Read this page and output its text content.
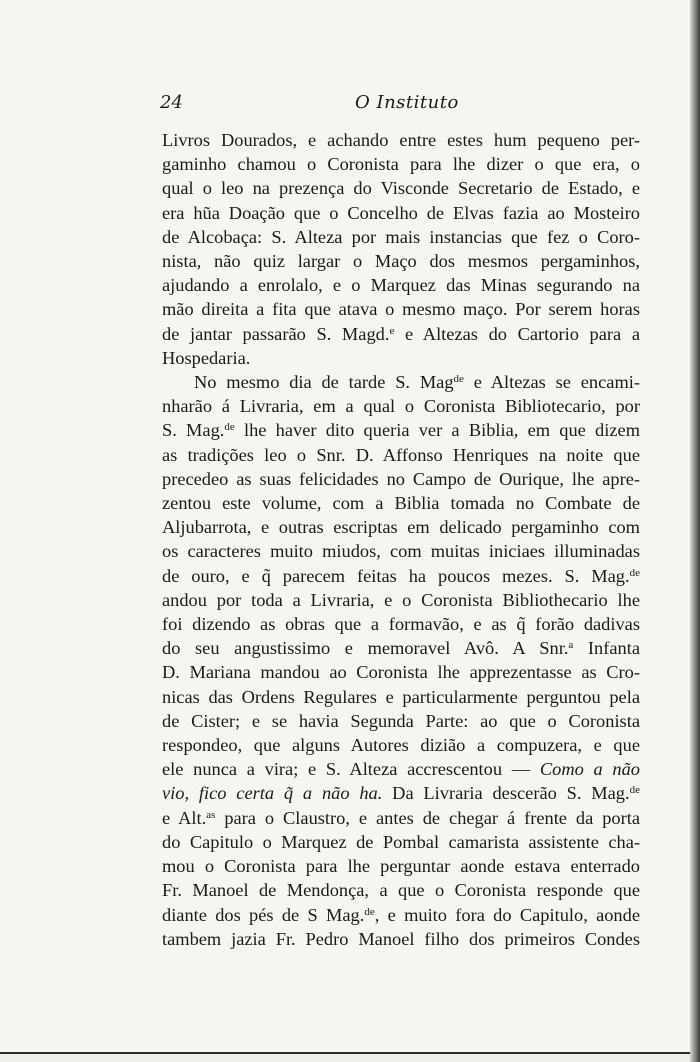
24	O Instituto

Livros Dourados, e achando entre estes hum pequeno per-
gaminho chamou o Coronista para lhe dizer o que era, o
qual o leo na prezença do Visconde Secretario de Estado, e
era hũa Doação que o Concelho de Elvas fazia ao Mosteiro
de Alcobaça: S. Alteza por mais instancias que fez o Coro-
nista, não quiz largar o Maço dos mesmos pergaminhos,
ajudando a enrolalo, e o Marquez das Minas segurando na
mão direita a fita que atava o mesmo maço. Por serem horas
de jantar passarão S. Magd.$^e$ e Altezas do Cartorio para a
Hospedaria.

No mesmo dia de tarde S. Mag$^{de}$ e Altezas se encami-
nharão á Livraria, em a qual o Coronista Bibliotecario, por
S. Mag.$^{de}$ lhe haver dito queria ver a Biblia, em que dizem
as tradições leo o Snr. D. Affonso Henriques na noite que
precedeo as suas felicidades no Campo de Ourique, lhe apre-
zentou este volume, com a Biblia tomada no Combate de
Aljubarrota, e outras escriptas em delicado pergaminho com
os caracteres muito miudos, com muitas iniciaes illuminadas
de ouro, e q̃ parecem feitas ha poucos mezes. S. Mag.$^{de}$
andou por toda a Livraria, e o Coronista Bibliothecario lhe
foi dizendo as obras que a formavão, e as q̃ forão dadivas
do seu angustissimo e memoravel Avô. A Snr.$^a$ Infanta
D. Mariana mandou ao Coronista lhe apprezentasse as Cro-
nicas das Ordens Regulares e particularmente perguntou pela
de Cister; e se havia Segunda Parte: ao que o Coronista
respondeo, que alguns Autores dizião a compuzera, e que
ele nunca a vira; e S. Alteza accrescentou — Como a não
vio, fico certa q̃ a não ha. Da Livraria descerão S. Mag.$^{de}$
e Alt.$^{as}$ para o Claustro, e antes de chegar á frente da porta
do Capitulo o Marquez de Pombal camarista assistente cha-
mou o Coronista para lhe perguntar aonde estava enterrado
Fr. Manoel de Mendonça, a que o Coronista responde que
diante dos pés de S Mag.$^{de}$, e muito fora do Capitulo, aonde
tambem jazia Fr. Pedro Manoel filho dos primeiros Condes
